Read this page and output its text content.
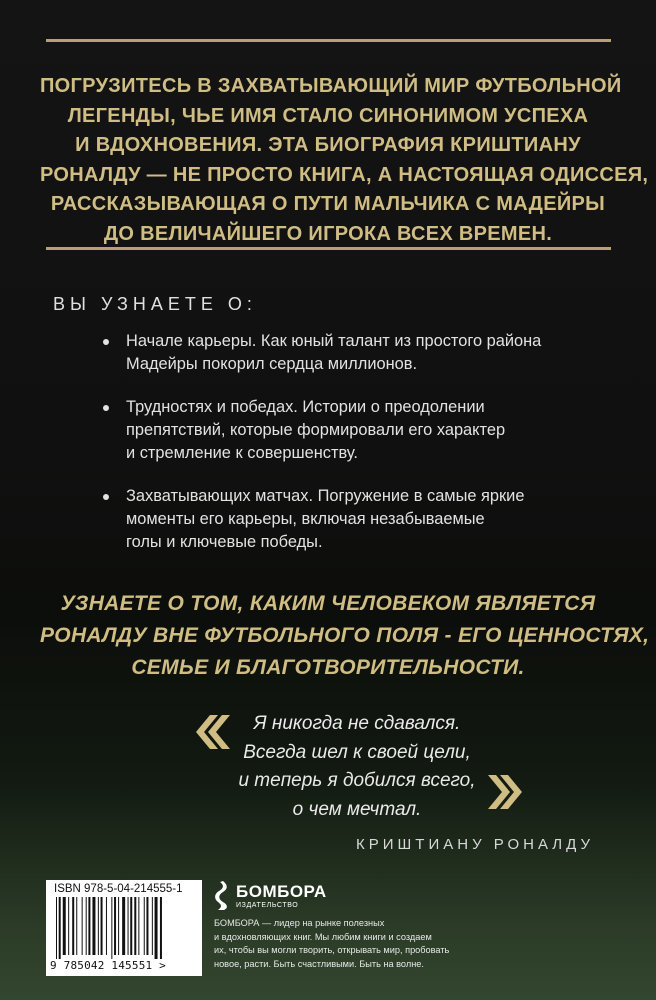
ПОГРУЗИТЕСЬ В ЗАХВАТЫВАЮЩИЙ МИР ФУТБОЛЬНОЙ
ЛЕГЕНДЫ, ЧЬЕ ИМЯ СТАЛО СИНОНИМОМ УСПЕХА
И ВДОХНОВЕНИЯ. ЭТА БИОГРАФИЯ КРИШТИАНУ
РОНАЛДУ — НЕ ПРОСТО КНИГА, А НАСТОЯЩАЯ ОДИССЕЯ,
РАССКАЗЫВАЮЩАЯ О ПУТИ МАЛЬЧИКА С МАДЕЙРЫ
ДО ВЕЛИЧАЙШЕГО ИГРОКА ВСЕХ ВРЕМЕН.
ВЫ УЗНАЕТЕ О:
Начале карьеры. Как юный талант из простого района
Мадейры покорил сердца миллионов.
Трудностях и победах. Истории о преодолении
препятствий, которые формировали его характер
и стремление к совершенству.
Захватывающих матчах. Погружение в самые яркие
моменты его карьеры, включая незабываемые
голы и ключевые победы.
УЗНАЕТЕ О ТОМ, КАКИМ ЧЕЛОВЕКОМ ЯВЛЯЕТСЯ
РОНАЛДУ ВНЕ ФУТБОЛЬНОГО ПОЛЯ - ЕГО ЦЕННОСТЯХ,
СЕМЬЕ И БЛАГОТВОРИТЕЛЬНОСТИ.
Я никогда не сдавался.
Всегда шел к своей цели,
и теперь я добился всего,
о чем мечтал.
КРИШТИАНУ РОНАЛДУ
ISBN 978-5-04-214555-1
9 785042 145551 >
БОМБОРА
ИЗДАТЕЛЬСТВО
БОМБОРА — лидер на рынке полезных
и вдохновляющих книг. Мы любим книги и создаем
их, чтобы вы могли творить, открывать мир, пробовать
новое, расти. Быть счастливыми. Быть на волне.
